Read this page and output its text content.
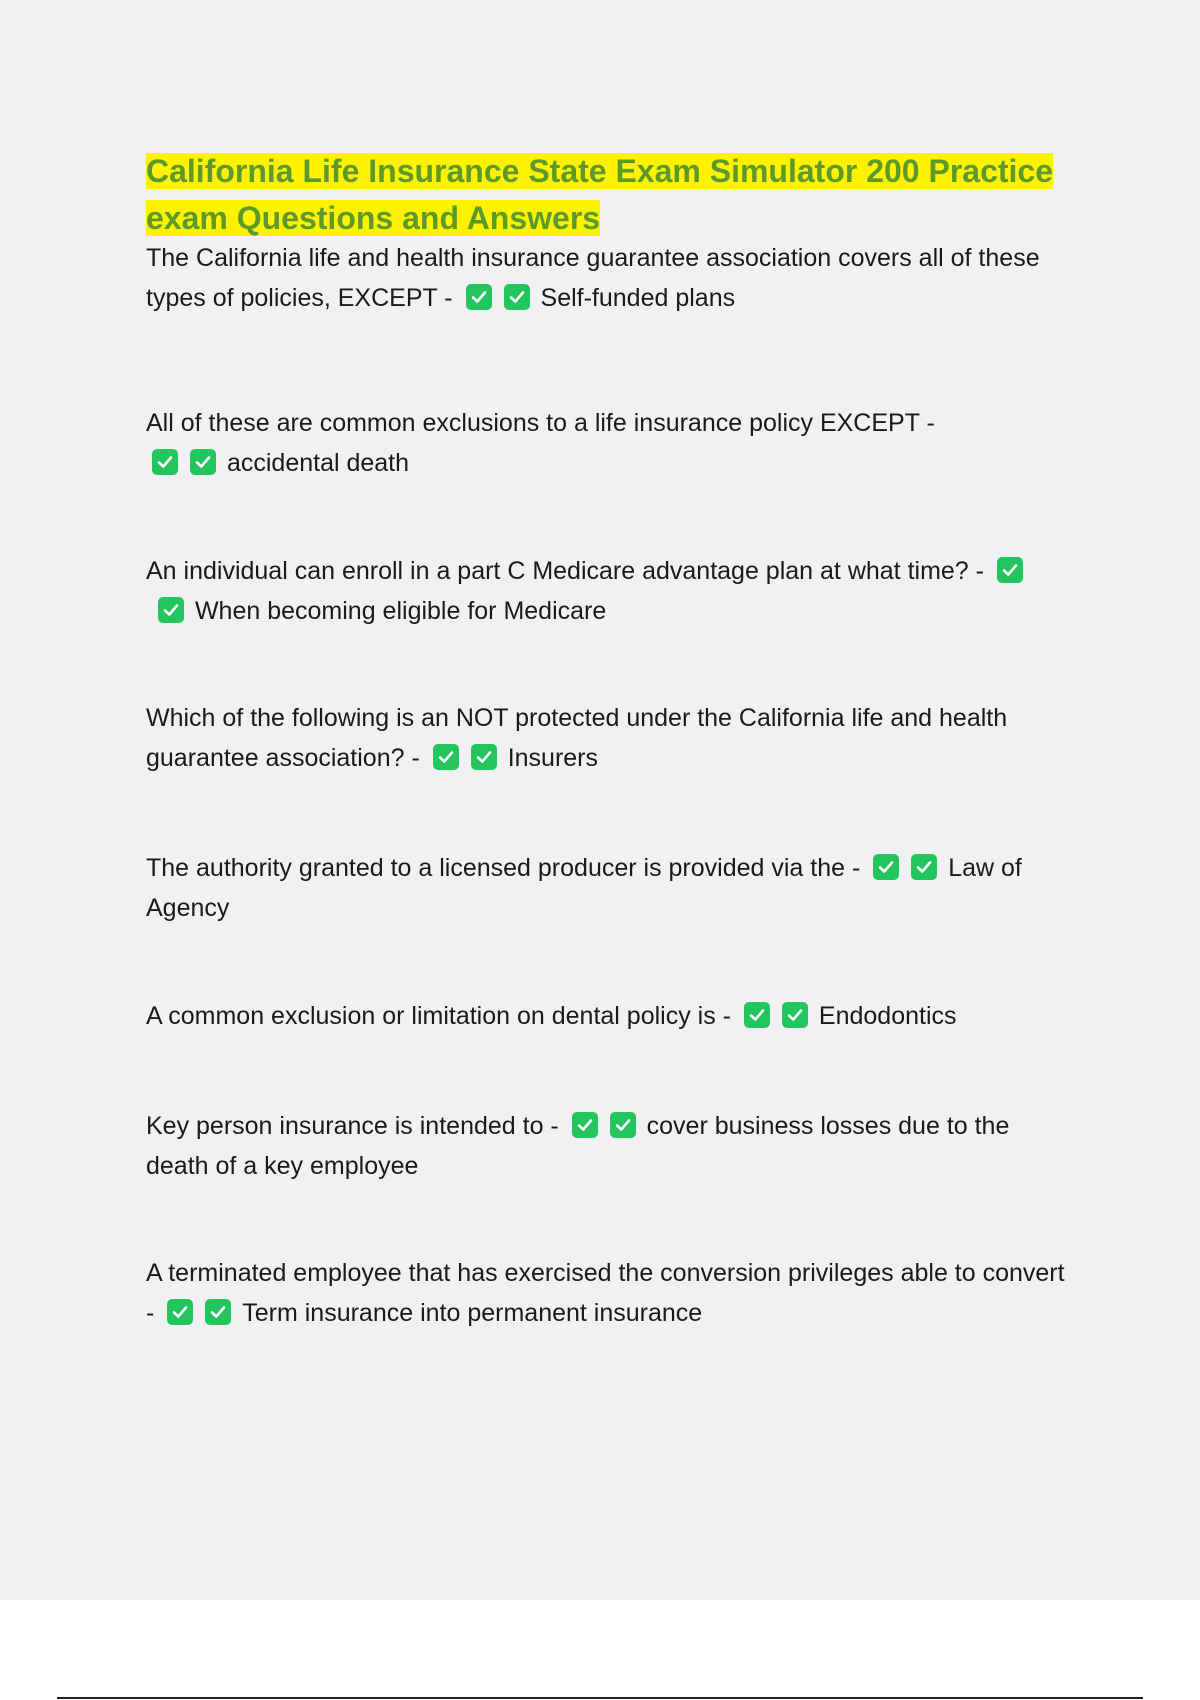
California Life Insurance State Exam Simulator 200 Practice
exam Questions and Answers

The California life and health insurance guarantee association covers all of these types of policies, EXCEPT -	Self-funded plans

All of these are common exclusions to a life insurance policy EXCEPT -
accidental death

An individual can enroll in a part C Medicare advantage plan at what time? -
When becoming eligible for Medicare

Which of the following is an NOT protected under the California life and health guarantee association? -	Insurers

The authority granted to a licensed producer is provided via the -	Law of Agency

A common exclusion or limitation on dental policy is -	Endodontics

Key person insurance is intended to -	cover business losses due to the death of a key employee

A terminated employee that has exercised the conversion privileges able to convert -	Term insurance into permanent insurance
